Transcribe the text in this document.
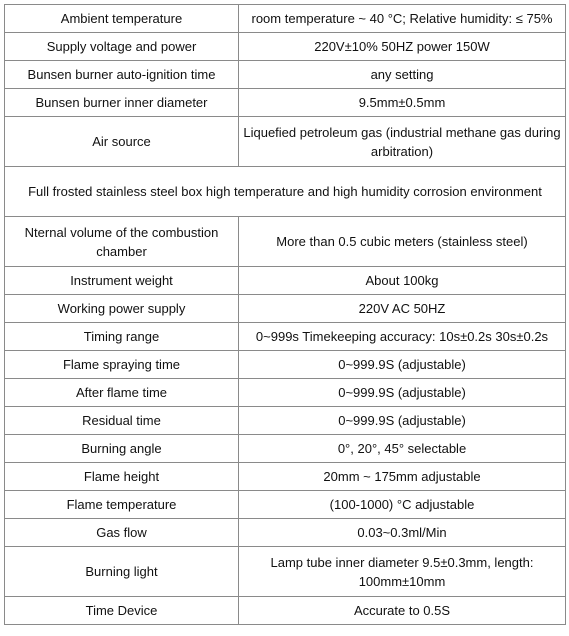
Ambient temperature	room temperature ~ 40 °C; Relative humidity: ≤ 75%
Supply voltage and power	220V±10% 50HZ power 150W
Bunsen burner auto-ignition time	any setting
Bunsen burner inner diameter	9.5mm±0.5mm
Air source	Liquefied petroleum gas (industrial methane gas during arbitration)
Full frosted stainless steel box high temperature and high humidity corrosion environment	
Nternal volume of the combustion chamber	More than 0.5 cubic meters (stainless steel)
Instrument weight	About 100kg
Working power supply	220V AC 50HZ
Timing range	0~999s Timekeeping accuracy: 10s±0.2s 30s±0.2s
Flame spraying time	0~999.9S (adjustable)
After flame time	0~999.9S (adjustable)
Residual time	0~999.9S (adjustable)
Burning angle	0°, 20°, 45° selectable
Flame height	20mm ~ 175mm adjustable
Flame temperature	(100-1000) °C adjustable
Gas flow	0.03~0.3ml/Min
Burning light	Lamp tube inner diameter 9.5±0.3mm, length: 100mm±10mm
Time Device	Accurate to 0.5S
